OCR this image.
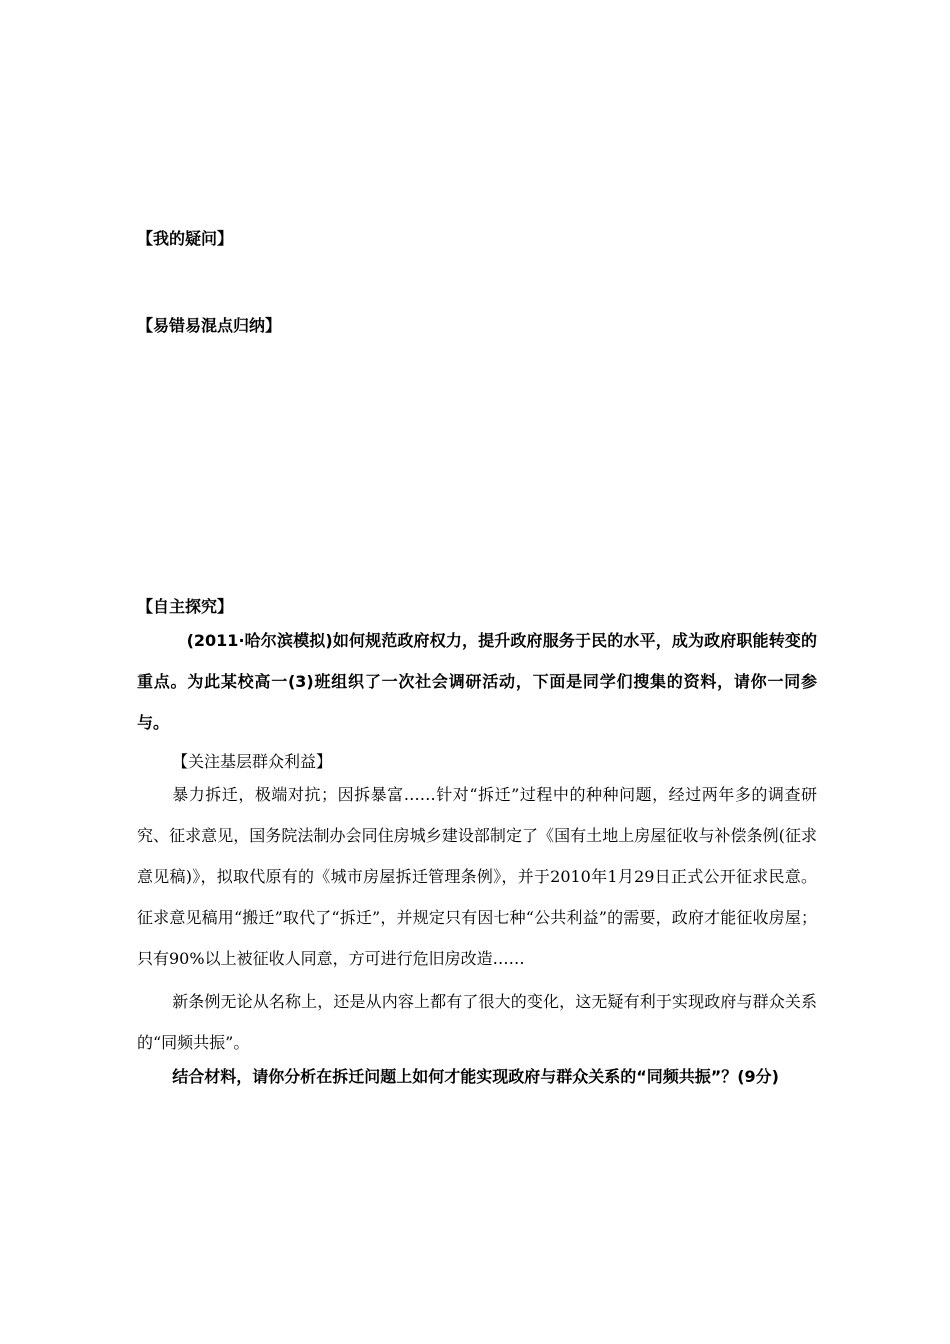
【我的疑问】
【易错易混点归纳】
【自主探究】

(2011·哈尔滨模拟)如何规范政府权力，提升政府服务于民的水平，成为政府职能转变的重点。为此某校高一(3)班组织了一次社会调研活动，下面是同学们搜集的资料，请你一同参与。

【关注基层群众利益】

暴力拆迁，极端对抗；因拆暴富……针对“拆迁”过程中的种种问题，经过两年多的调查研究、征求意见，国务院法制办会同住房城乡建设部制定了《国有土地上房屋征收与补偿条例(征求意见稿)》，拟取代原有的《城市房屋拆迁管理条例》，并于2010年1月29日正式公开征求民意。征求意见稿用“搬迁”取代了“拆迁”，并规定只有因七种“公共利益”的需要，政府才能征收房屋；只有90%以上被征收人同意，方可进行危旧房改造……

新条例无论从名称上，还是从内容上都有了很大的变化，这无疑有利于实现政府与群众关系的“同频共振”。

结合材料，请你分析在拆迁问题上如何才能实现政府与群众关系的“同频共振”？(9分)
